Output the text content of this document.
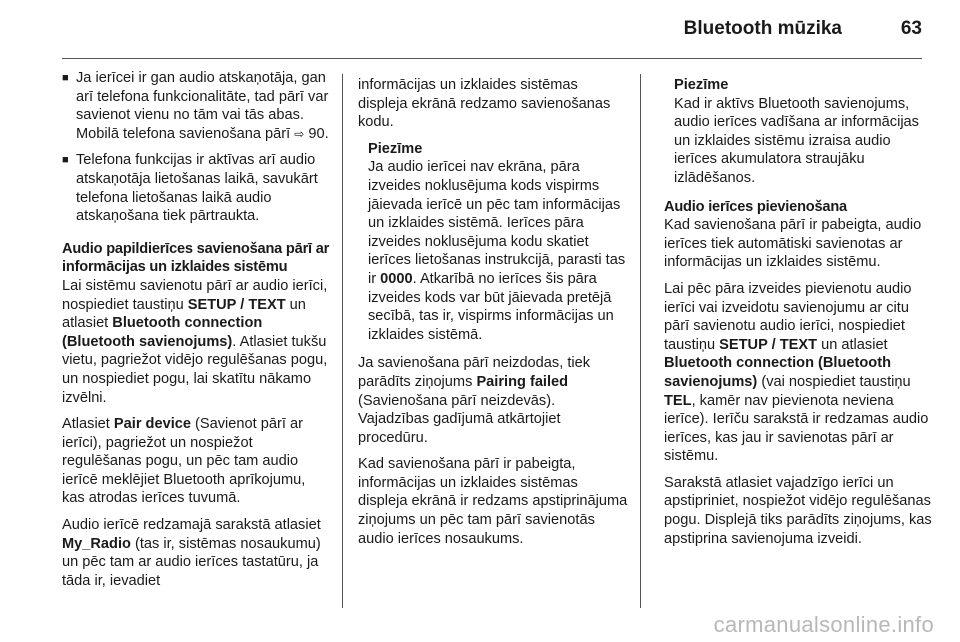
Bluetooth mūzika	63
■ Ja ierīcei ir gan audio atskaņotāja, gan arī telefona funkcionalitāte, tad pārī var savienot vienu no tām vai tās abas. Mobilā telefona savienošana pārī ⇨ 90.
■ Telefona funkcijas ir aktīvas arī audio atskaņotāja lietošanas laikā, savukārt telefona lietošanas laikā audio atskaņošana tiek pārtraukta.

Audio papildierīces savienošana pārī ar informācijas un izklaides sistēmu

Lai sistēmu savienotu pārī ar audio ierīci, nospiediet taustiņu SETUP / TEXT un atlasiet Bluetooth connection (Bluetooth savienojums). Atlasiet tukšu vietu, pagriežot vidējo regulēšanas pogu, un nospiediet pogu, lai skatītu nākamo izvēlni.

Atlasiet Pair device (Savienot pārī ar ierīci), pagriežot un nospiežot regulēšanas pogu, un pēc tam audio ierīcē meklējiet Bluetooth aprīkojumu, kas atrodas ierīces tuvumā.

Audio ierīcē redzamajā sarakstā atlasiet My_Radio (tas ir, sistēmas nosaukumu) un pēc tam ar audio ierīces tastatūru, ja tāda ir, ievadiet

informācijas un izklaides sistēmas displeja ekrānā redzamo savienošanas kodu.

Piezīme

Ja audio ierīcei nav ekrāna, pāra izveides noklusējuma kods vispirms jāievada ierīcē un pēc tam informācijas un izklaides sistēmā. Ierīces pāra izveides noklusējuma kodu skatiet ierīces lietošanas instrukcijā, parasti tas ir 0000. Atkarībā no ierīces šis pāra izveides kods var būt jāievada pretējā secībā, tas ir, vispirms informācijas un izklaides sistēmā.

Ja savienošana pārī neizdodas, tiek parādīts ziņojums Pairing failed (Savienošana pārī neizdevās). Vajadzības gadījumā atkārtojiet procedūru.

Kad savienošana pārī ir pabeigta, informācijas un izklaides sistēmas displeja ekrānā ir redzams apstiprinājuma ziņojums un pēc tam pārī savienotās audio ierīces nosaukums.

Piezīme

Kad ir aktīvs Bluetooth savienojums, audio ierīces vadīšana ar informācijas un izklaides sistēmu izraisa audio ierīces akumulatora straujāku izlādēšanos.

Audio ierīces pievienošana

Kad savienošana pārī ir pabeigta, audio ierīces tiek automātiski savienotas ar informācijas un izklaides sistēmu.

Lai pēc pāra izveides pievienotu audio ierīci vai izveidotu savienojumu ar citu pārī savienotu audio ierīci, nospiediet taustiņu SETUP / TEXT un atlasiet Bluetooth connection (Bluetooth savienojums) (vai nospiediet taustiņu TEL, kamēr nav pievienota neviena ierīce). Ierīču sarakstā ir redzamas audio ierīces, kas jau ir savienotas pārī ar sistēmu.

Sarakstā atlasiet vajadzīgo ierīci un apstipriniet, nospiežot vidējo regulēšanas pogu. Displejā tiks parādīts ziņojums, kas apstiprina savienojuma izveidi.

carmanualsonline.info
